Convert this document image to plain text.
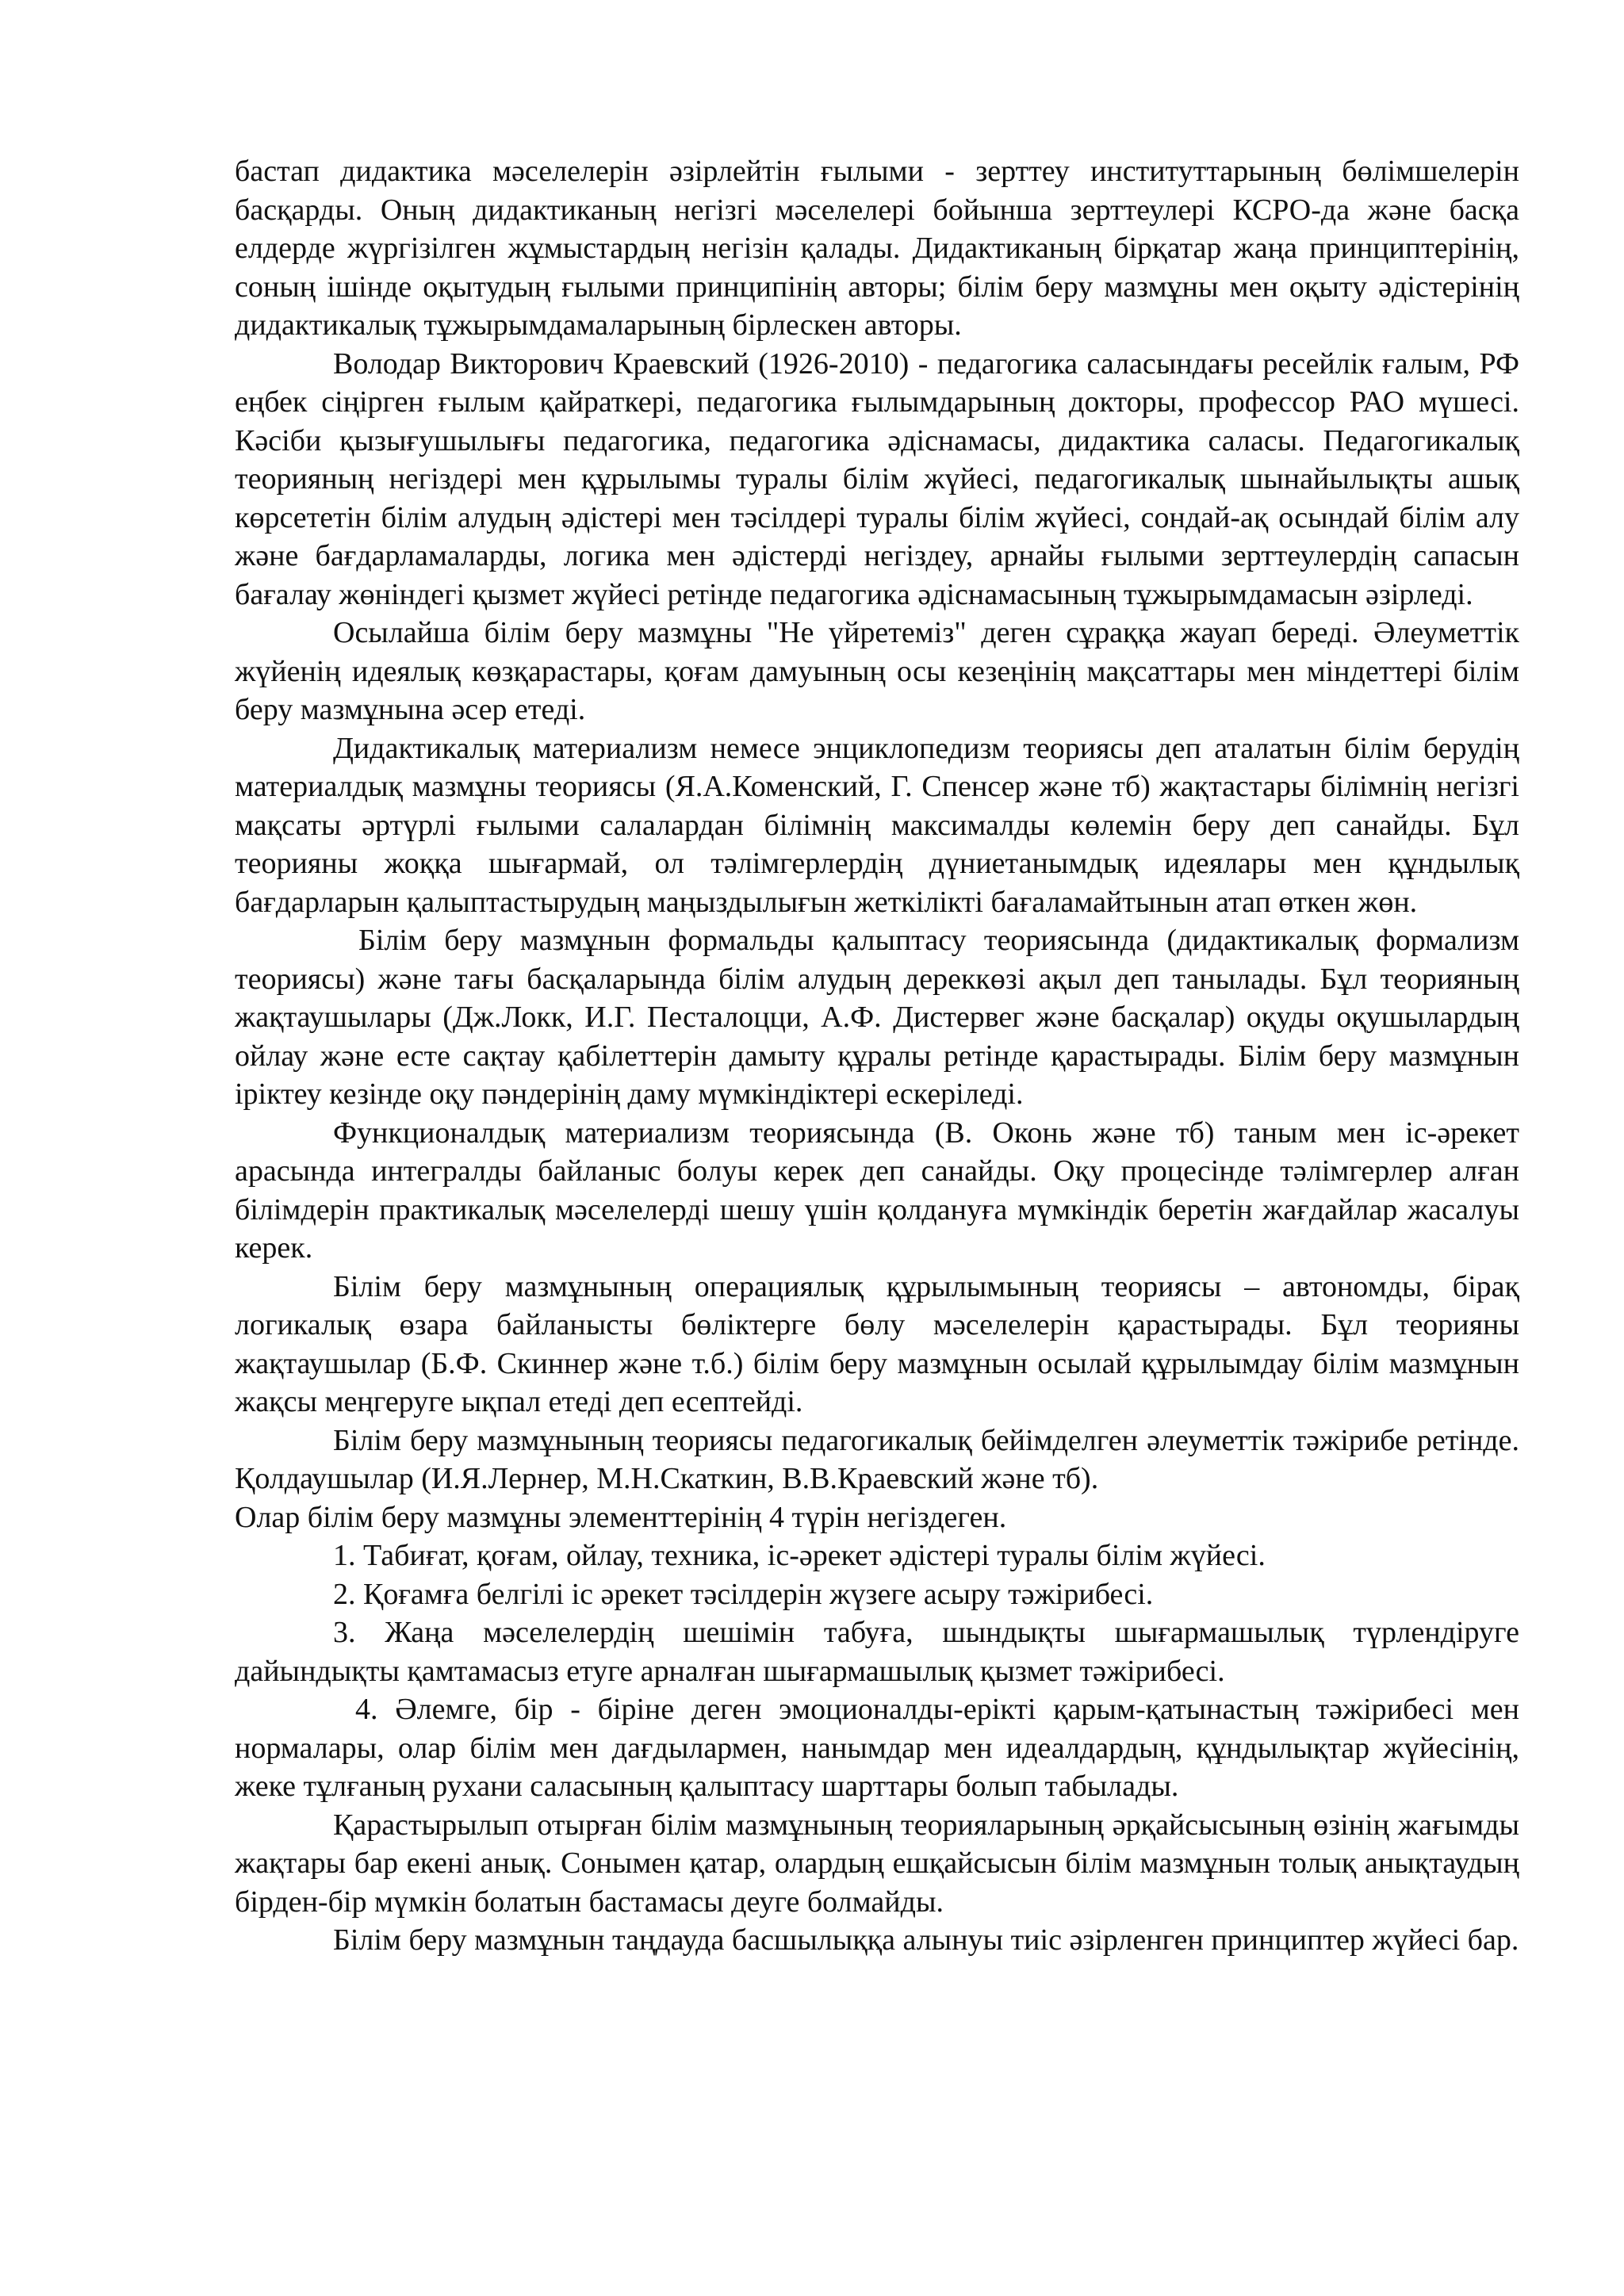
бастап дидактика мәселелерін әзірлейтін ғылыми - зерттеу институттарының бөлімшелерін басқарды. Оның дидактиканың негізгі мәселелері бойынша зерттеулері КСРО-да және басқа елдерде жүргізілген жұмыстардың негізін қалады. Дидактиканың бірқатар жаңа принциптерінің, соның ішінде оқытудың ғылыми принципінің авторы; білім беру мазмұны мен оқыту әдістерінің дидактикалық тұжырымдамаларының бірлескен авторы.

Володар Викторович Краевский (1926-2010) - педагогика саласындағы ресейлік ғалым, РФ еңбек сіңірген ғылым қайраткері, педагогика ғылымдарының докторы, профессор РАО мүшесі. Кәсіби қызығушылығы педагогика, педагогика әдіснамасы, дидактика саласы. Педагогикалық теорияның негіздері мен құрылымы туралы білім жүйесі, педагогикалық шынайылықты ашық көрсететін білім алудың әдістері мен тәсілдері туралы білім жүйесі, сондай-ақ осындай білім алу және бағдарламаларды, логика мен әдістерді негіздеу, арнайы ғылыми зерттеулердің сапасын бағалау жөніндегі қызмет жүйесі ретінде педагогика әдіснамасының тұжырымдамасын әзірледі.

Осылайша білім беру мазмұны "Не үйретеміз" деген сұраққа жауап береді. Әлеуметтік жүйенің идеялық көзқарастары, қоғам дамуының осы кезеңінің мақсаттары мен міндеттері білім беру мазмұнына әсер етеді.

Дидактикалық материализм немесе энциклопедизм теориясы деп аталатын білім берудің материалдық мазмұны теориясы (Я.А.Коменский, Г. Спенсер және тб) жақтастары білімнің негізгі мақсаты әртүрлі ғылыми салалардан білімнің максималды көлемін беру деп санайды. Бұл теорияны жоққа шығармай, ол тәлімгерлердің дүниетанымдық идеялары мен құндылық бағдарларын қалыптастырудың маңыздылығын жеткілікті бағаламайтынын атап өткен жөн.

Білім беру мазмұнын формальды қалыптасу теориясында (дидактикалық формализм теориясы) және тағы басқаларында білім алудың дереккөзі ақыл деп танылады. Бұл теорияның жақтаушылары (Дж.Локк, И.Г. Песталоцци, А.Ф. Дистервег және басқалар) оқуды оқушылардың ойлау және есте сақтау қабілеттерін дамыту құралы ретінде қарастырады. Білім беру мазмұнын іріктеу кезінде оқу пәндерінің даму мүмкіндіктері ескеріледі.

Функционалдық материализм теориясында (В. Оконь және тб) таным мен іс-әрекет арасында интегралды байланыс болуы керек деп санайды. Оқу процесінде тәлімгерлер алған білімдерін практикалық мәселелерді шешу үшін қолдануға мүмкіндік беретін жағдайлар жасалуы керек.

Білім беру мазмұнының операциялық құрылымының теориясы – автономды, бірақ логикалық өзара байланысты бөліктерге бөлу мәселелерін қарастырады. Бұл теорияны жақтаушылар (Б.Ф. Скиннер және т.б.) білім беру мазмұнын осылай құрылымдау білім мазмұнын жақсы меңгеруге ықпал етеді деп есептейді.

Білім беру мазмұнының теориясы педагогикалық бейімделген әлеуметтік тәжірибе ретінде. Қолдаушылар (И.Я.Лернер, М.Н.Скаткин, В.В.Краевский және тб).

Олар білім беру мазмұны элементтерінің 4 түрін негіздеген.

1. Табиғат, қоғам, ойлау, техника, іс-әрекет әдістері туралы білім жүйесі.

2. Қоғамға белгілі іс әрекет тәсілдерін жүзеге асыру тәжірибесі.

3. Жаңа мәселелердің шешімін табуға, шындықты шығармашылық түрлендіруге дайындықты қамтамасыз етуге арналған шығармашылық қызмет тәжірибесі.

4. Әлемге, бір - біріне деген эмоционалды-ерікті қарым-қатынастың тәжірибесі мен нормалары, олар білім мен дағдылармен, нанымдар мен идеалдардың, құндылықтар жүйесінің, жеке тұлғаның рухани саласының қалыптасу шарттары болып табылады.

Қарастырылып отырған білім мазмұнының теорияларының әрқайсысының өзінің жағымды жақтары бар екені анық. Сонымен қатар, олардың ешқайсысын білім мазмұнын толық анықтаудың бірден-бір мүмкін болатын бастамасы деуге болмайды.

Білім беру мазмұнын таңдауда басшылыққа алынуы тиіс әзірленген принциптер жүйесі бар.
